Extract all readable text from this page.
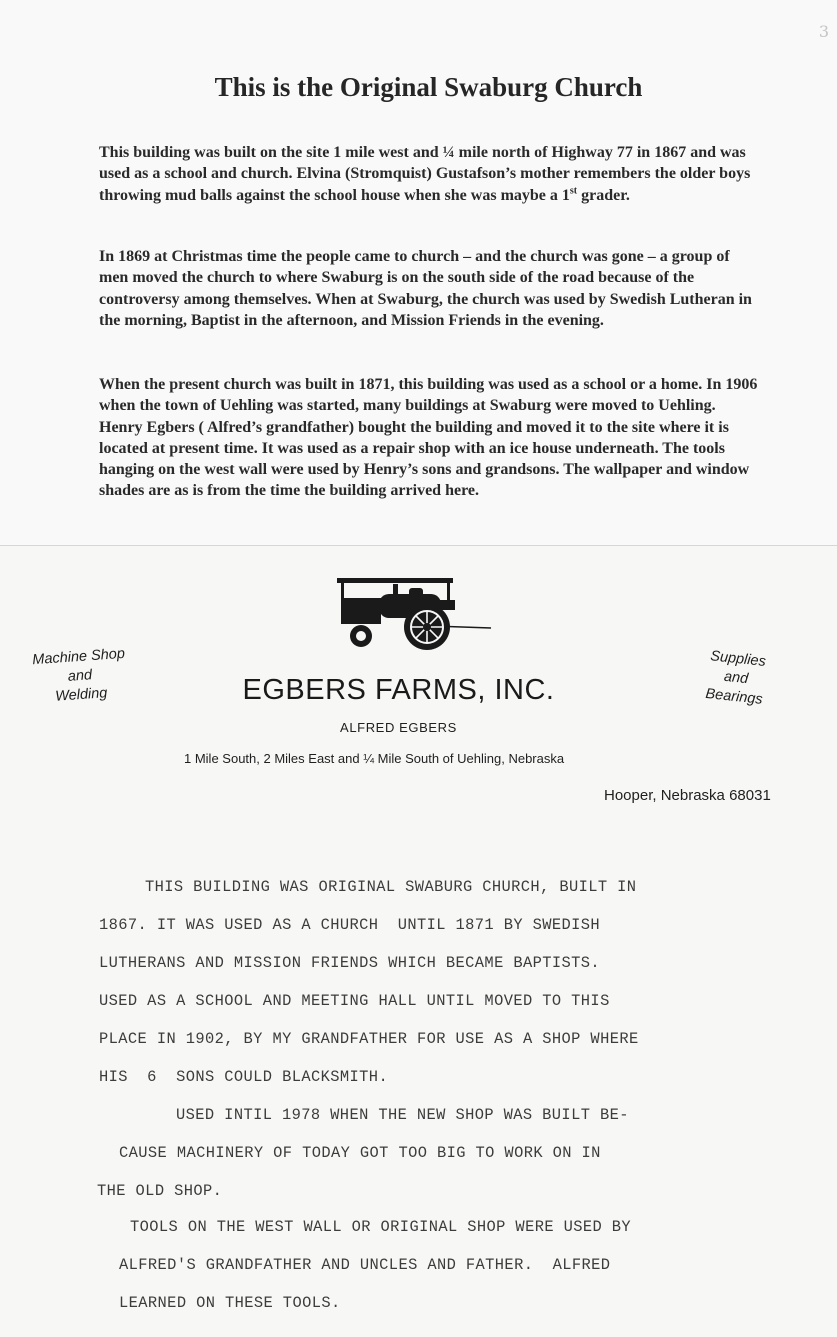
3
This is the Original Swaburg Church

This building was built on the site 1 mile west and ¼ mile north of Highway 77 in 1867 and was used as a school and church. Elvina (Stromquist) Gustafson’s mother remembers the older boys throwing mud balls against the school house when she was maybe a 1st grader.

In 1869 at Christmas time the people came to church – and the church was gone – a group of men moved the church to where Swaburg is on the south side of the road because of the controversy among themselves. When at Swaburg, the church was used by Swedish Lutheran in the morning, Baptist in the afternoon, and Mission Friends in the evening.

When the present church was built in 1871, this building was used as a school or a home. In 1906 when the town of Uehling was started, many buildings at Swaburg were moved to Uehling. Henry Egbers ( Alfred’s grandfather) bought the building and moved it to the site where it is located at present time. It was used as a repair shop with an ice house underneath. The tools hanging on the west wall were used by Henry’s sons and grandsons. The wallpaper and window shades are as is from the time the building arrived here.

Machine Shop
and
Welding

Supplies
and
Bearings

EGBERS FARMS, INC.
ALFRED EGBERS
1 Mile South, 2 Miles East and ¼ Mile South of Uehling, Nebraska
Hooper, Nebraska 68031
THIS BUILDING WAS ORIGINAL SWABURG CHURCH, BUILT IN
1867. IT WAS USED AS A CHURCH  UNTIL 1871 BY SWEDISH
LUTHERANS AND MISSION FRIENDS WHICH BECAME BAPTISTS.
USED AS A SCHOOL AND MEETING HALL UNTIL MOVED TO THIS
PLACE IN 1902, BY MY GRANDFATHER FOR USE AS A SHOP WHERE
HIS  6  SONS COULD BLACKSMITH.
USED INTIL 1978 WHEN THE NEW SHOP WAS BUILT BE-
CAUSE MACHINERY OF TODAY GOT TOO BIG TO WORK ON IN
THE OLD SHOP.
TOOLS ON THE WEST WALL OR ORIGINAL SHOP WERE USED BY
ALFRED'S GRANDFATHER AND UNCLES AND FATHER.  ALFRED
LEARNED ON THESE TOOLS.
